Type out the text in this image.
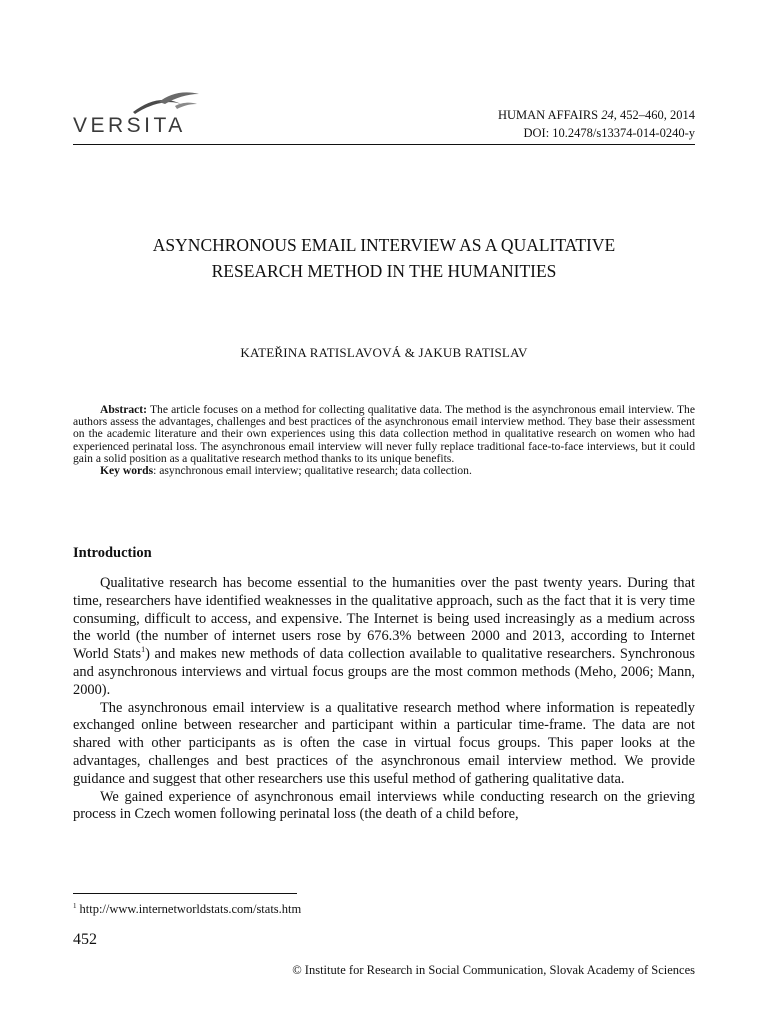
VERSITA	HUMAN AFFAIRS 24, 452–460, 2014
DOI: 10.2478/s13374-014-0240-y
ASYNCHRONOUS EMAIL INTERVIEW AS A QUALITATIVE
RESEARCH METHOD IN THE HUMANITIES
KATEŘINA RATISLAVOVÁ & JAKUB RATISLAV

Abstract: The article focuses on a method for collecting qualitative data. The method is the asynchronous email interview. The authors assess the advantages, challenges and best practices of the asynchronous email interview method. They base their assessment on the academic literature and their own experiences using this data collection method in qualitative research on women who had experienced perinatal loss. The asynchronous email interview will never fully replace traditional face-to-face interviews, but it could gain a solid position as a qualitative research method thanks to its unique benefits.

Key words: asynchronous email interview; qualitative research; data collection.

Introduction

Qualitative research has become essential to the humanities over the past twenty years. During that time, researchers have identified weaknesses in the qualitative approach, such as the fact that it is very time consuming, difficult to access, and expensive. The Internet is being used increasingly as a medium across the world (the number of internet users rose by 676.3% between 2000 and 2013, according to Internet World Stats$^1$) and makes new methods of data collection available to qualitative researchers. Synchronous and asynchronous interviews and virtual focus groups are the most common methods (Meho, 2006; Mann, 2000).

The asynchronous email interview is a qualitative research method where information is repeatedly exchanged online between researcher and participant within a particular time-frame. The data are not shared with other participants as is often the case in virtual focus groups. This paper looks at the advantages, challenges and best practices of the asynchronous email interview method. We provide guidance and suggest that other researchers use this useful method of gathering qualitative data.

We gained experience of asynchronous email interviews while conducting research on the grieving process in Czech women following perinatal loss (the death of a child before,

$^1$ http://www.internetworldstats.com/stats.htm
452
© Institute for Research in Social Communication, Slovak Academy of Sciences
